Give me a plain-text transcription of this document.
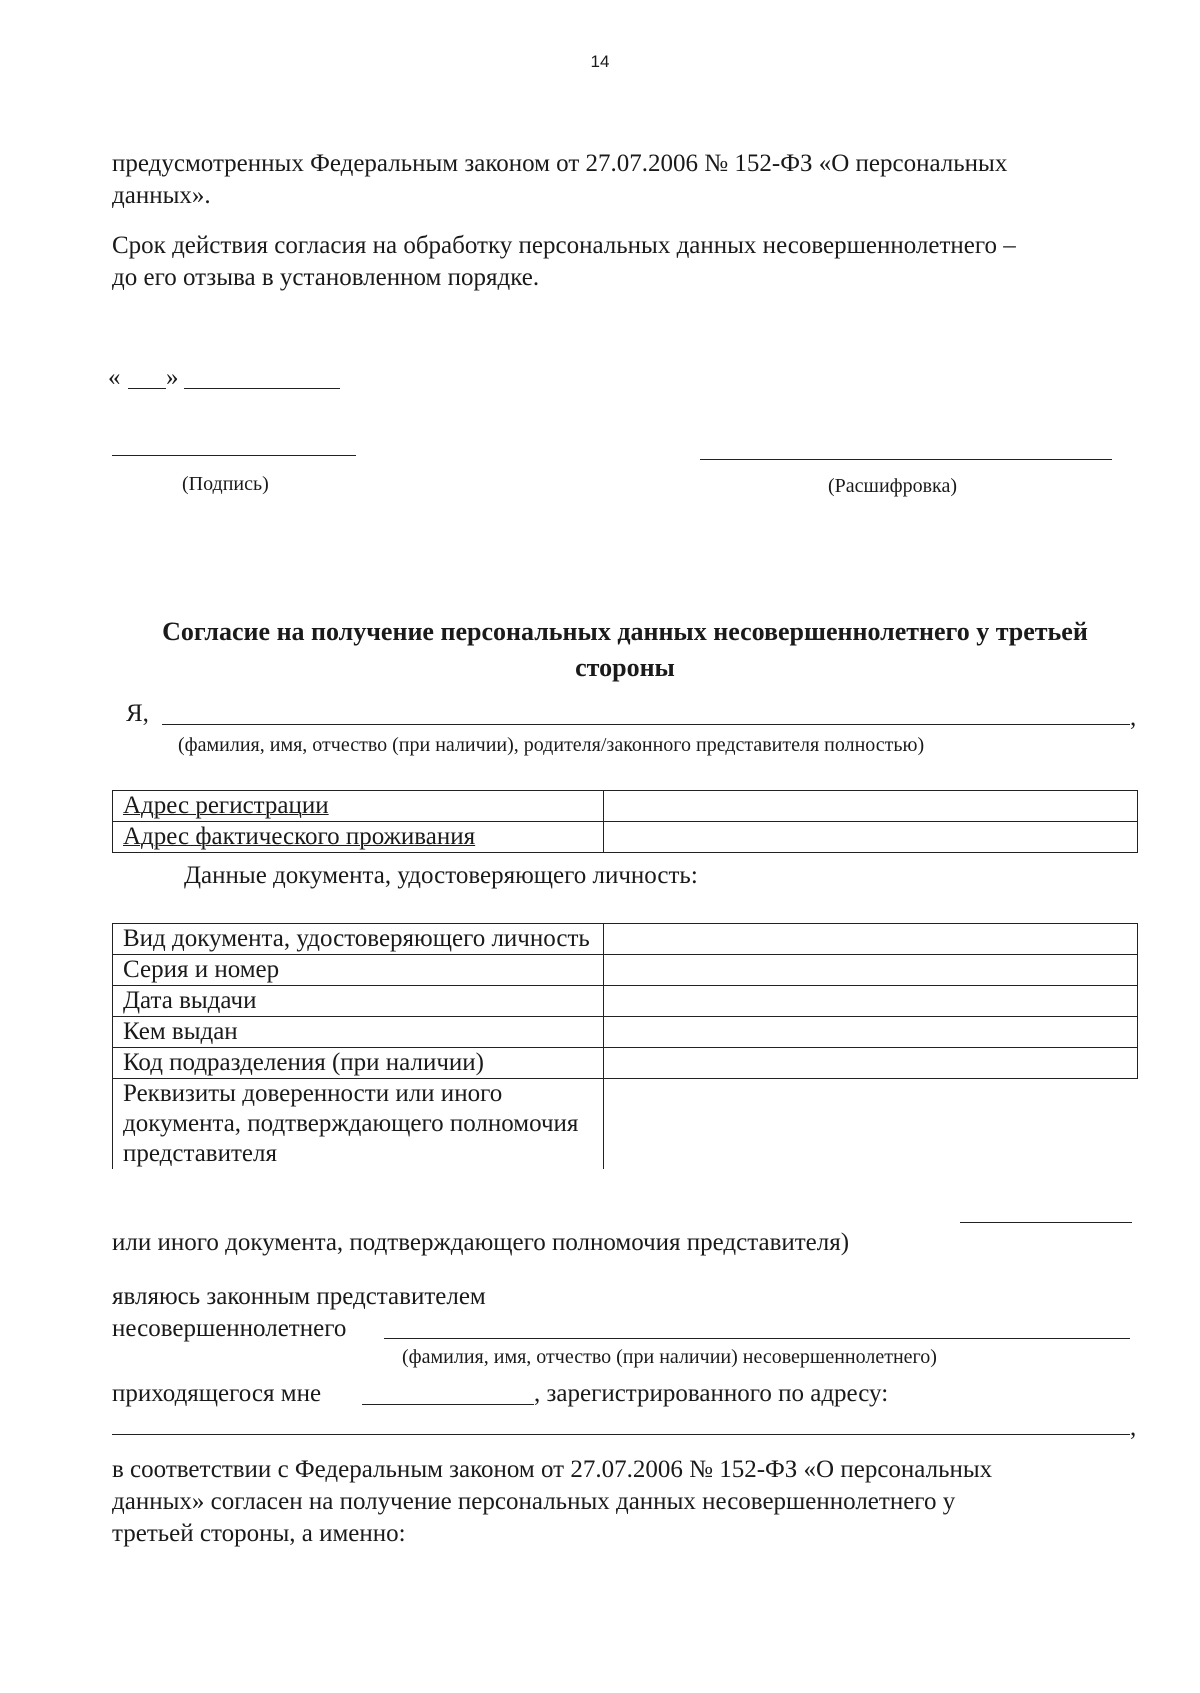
14
предусмотренных Федеральным законом от 27.07.2006 № 152-ФЗ «О персональных
данных».
Срок действия согласия на обработку персональных данных несовершеннолетнего –
до его отзыва в установленном порядке.
« »
(Подпись)	(Расшифровка)
Согласие на получение персональных данных несовершеннолетнего у третьей
стороны
Я,	,
(фамилия, имя, отчество (при наличии), родителя/законного представителя полностью)
Адрес регистрации	
Адрес фактического проживания	
Данные документа, удостоверяющего личность:
Вид документа, удостоверяющего личность	
Серия и номер	
Дата выдачи	
Кем выдан	
Код подразделения (при наличии)	
Реквизиты доверенности или иного документа, подтверждающего полномочия представителя	
или иного документа, подтверждающего полномочия представителя)
являюсь законным представителем
несовершеннолетнего
(фамилия, имя, отчество (при наличии) несовершеннолетнего)
приходящегося мне	, зарегистрированного по адресу:
,
в соответствии с Федеральным законом от 27.07.2006 № 152-ФЗ «О персональных
данных» согласен на получение персональных данных несовершеннолетнего у
третьей стороны, а именно:
